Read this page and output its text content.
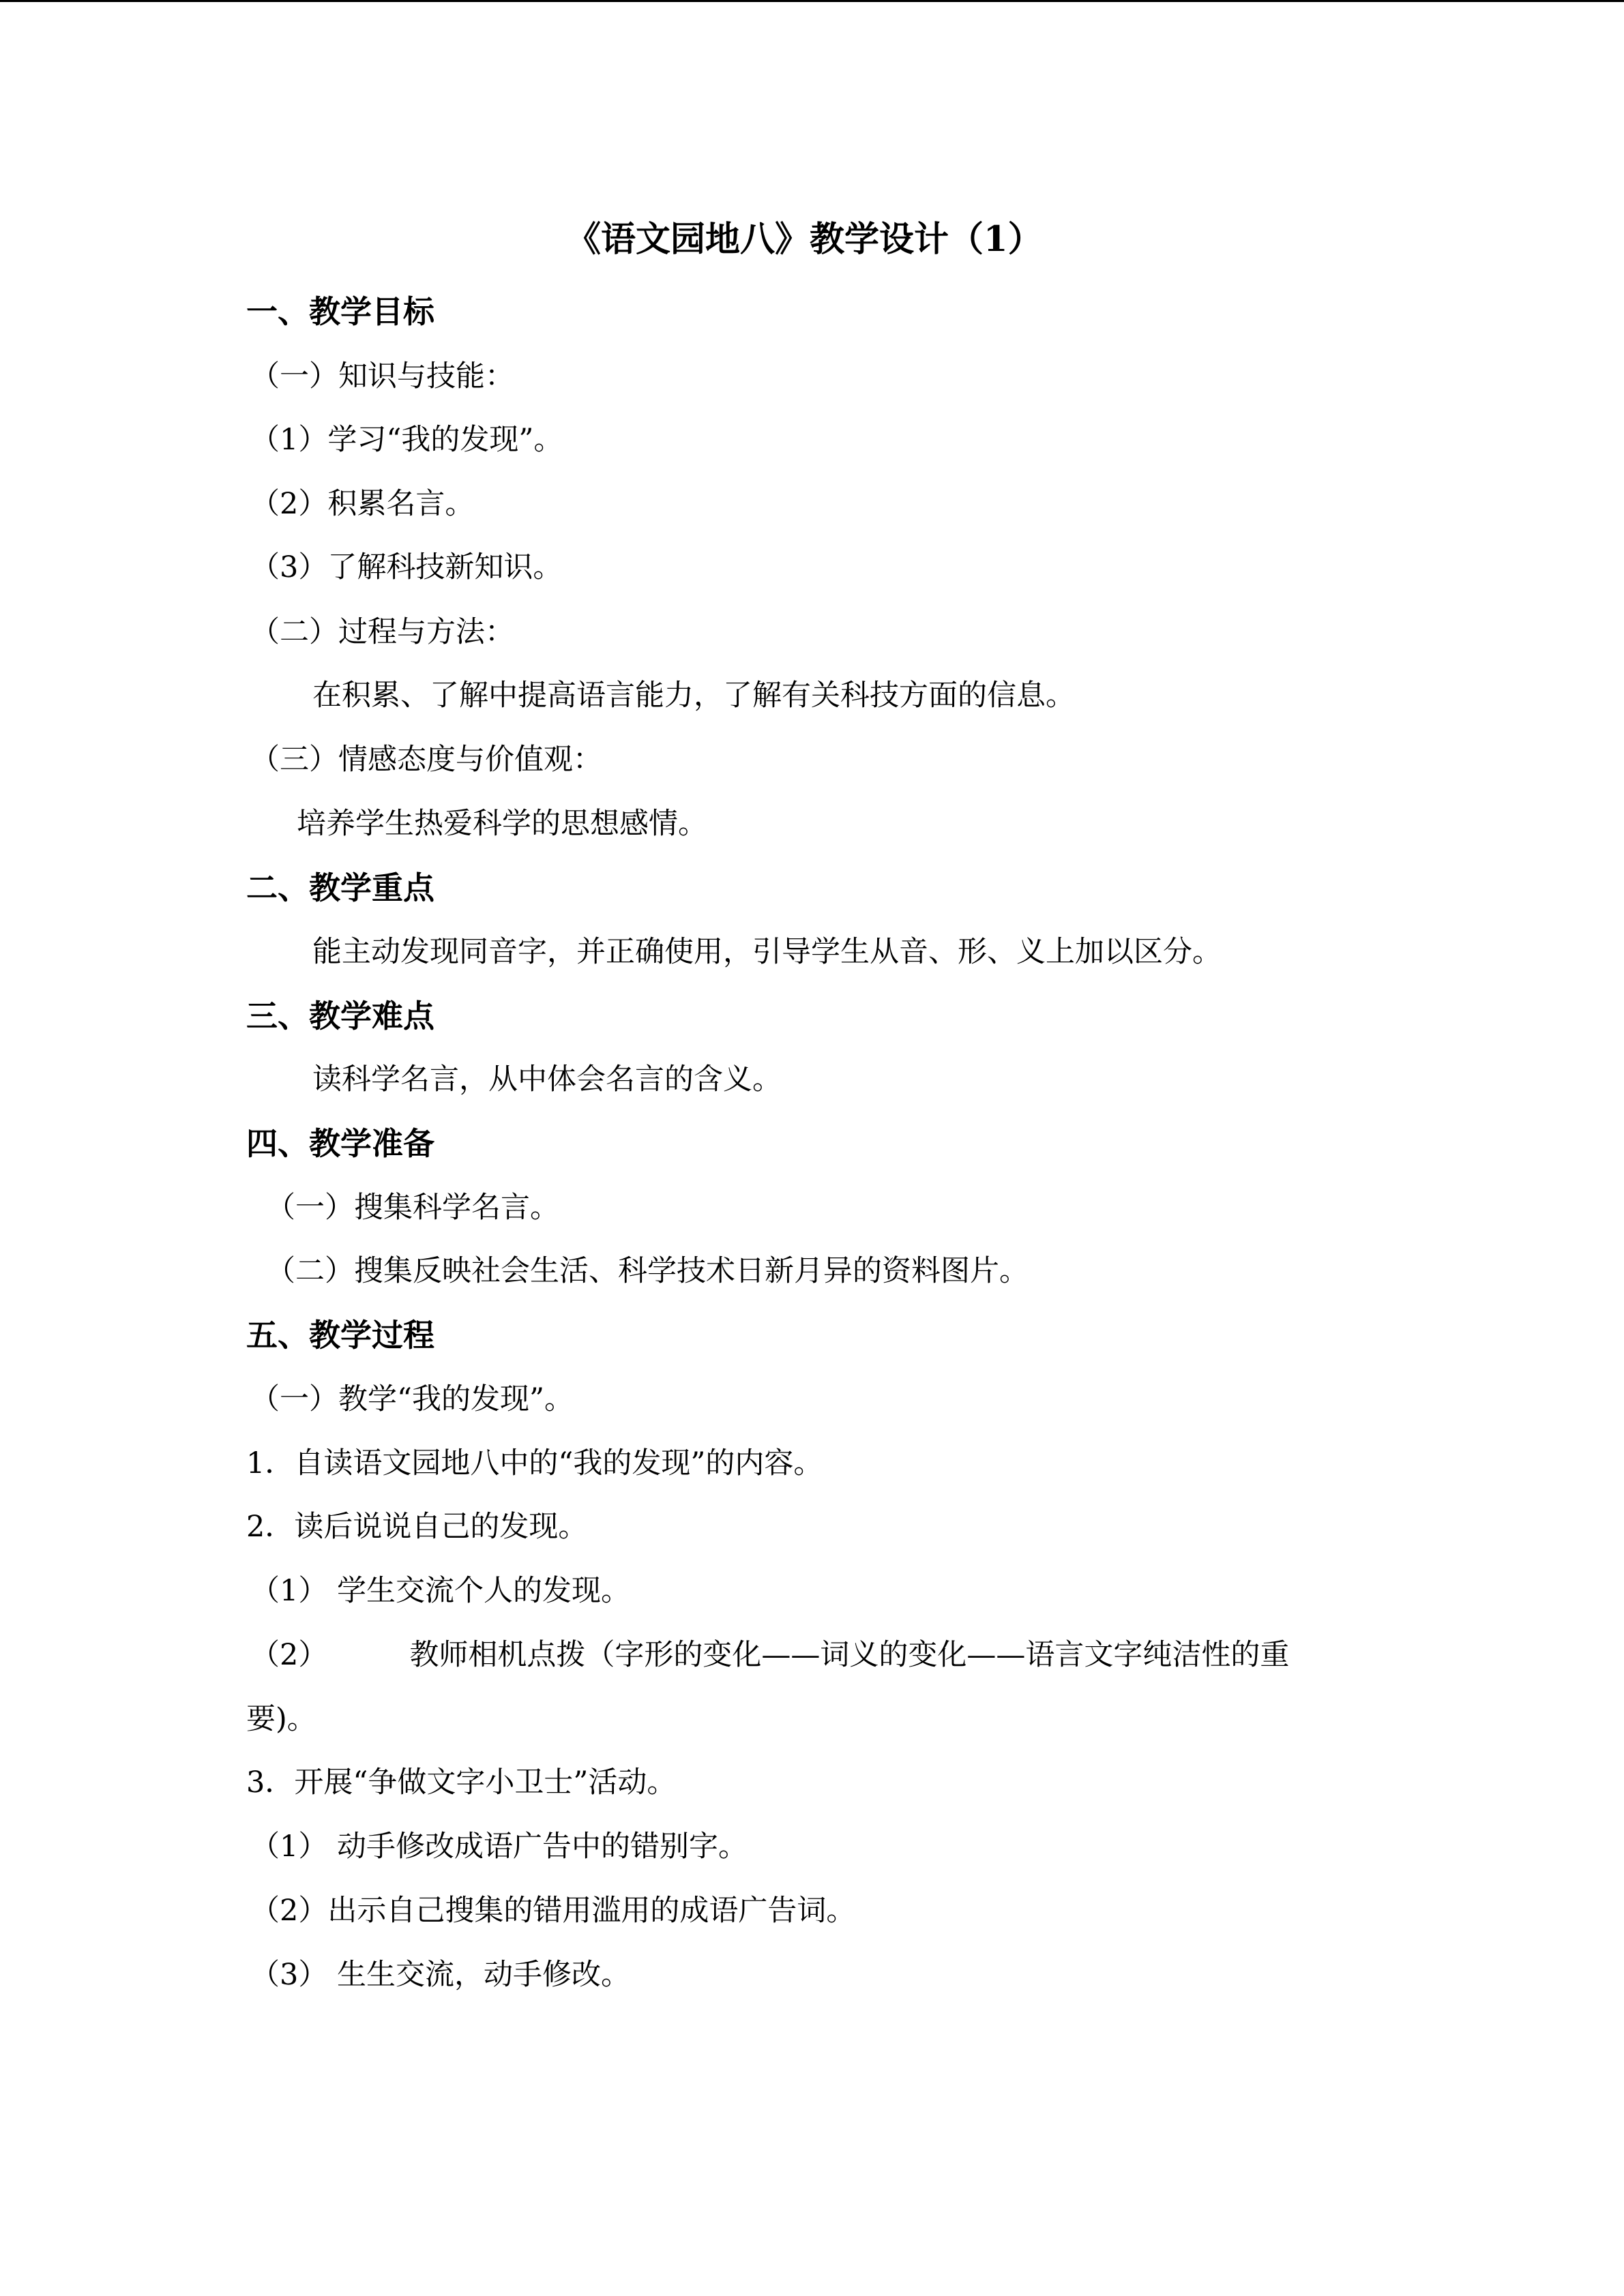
《语文园地八》教学设计（1）
一、教学目标
（一）知识与技能：
（1）学习“我的发现”。
（2）积累名言。
（3）了解科技新知识。
（二）过程与方法：
在积累、了解中提高语言能力，了解有关科技方面的信息。
（三）情感态度与价值观：
培养学生热爱科学的思想感情。
二、教学重点
能主动发现同音字，并正确使用，引导学生从音、形、义上加以区分。
三、教学难点
读科学名言，从中体会名言的含义。
四、教学准备
（一）搜集科学名言。
（二）搜集反映社会生活、科学技术日新月异的资料图片。
五、教学过程
（一）教学“我的发现”。
1．自读语文园地八中的“我的发现”的内容。
2．读后说说自己的发现。
（1） 学生交流个人的发现。
（2）	教师相机点拨（字形的变化——词义的变化——语言文字纯洁性的重
要)。
3．开展“争做文字小卫士”活动。
（1） 动手修改成语广告中的错别字。
（2）出示自己搜集的错用滥用的成语广告词。
（3） 生生交流，动手修改。
